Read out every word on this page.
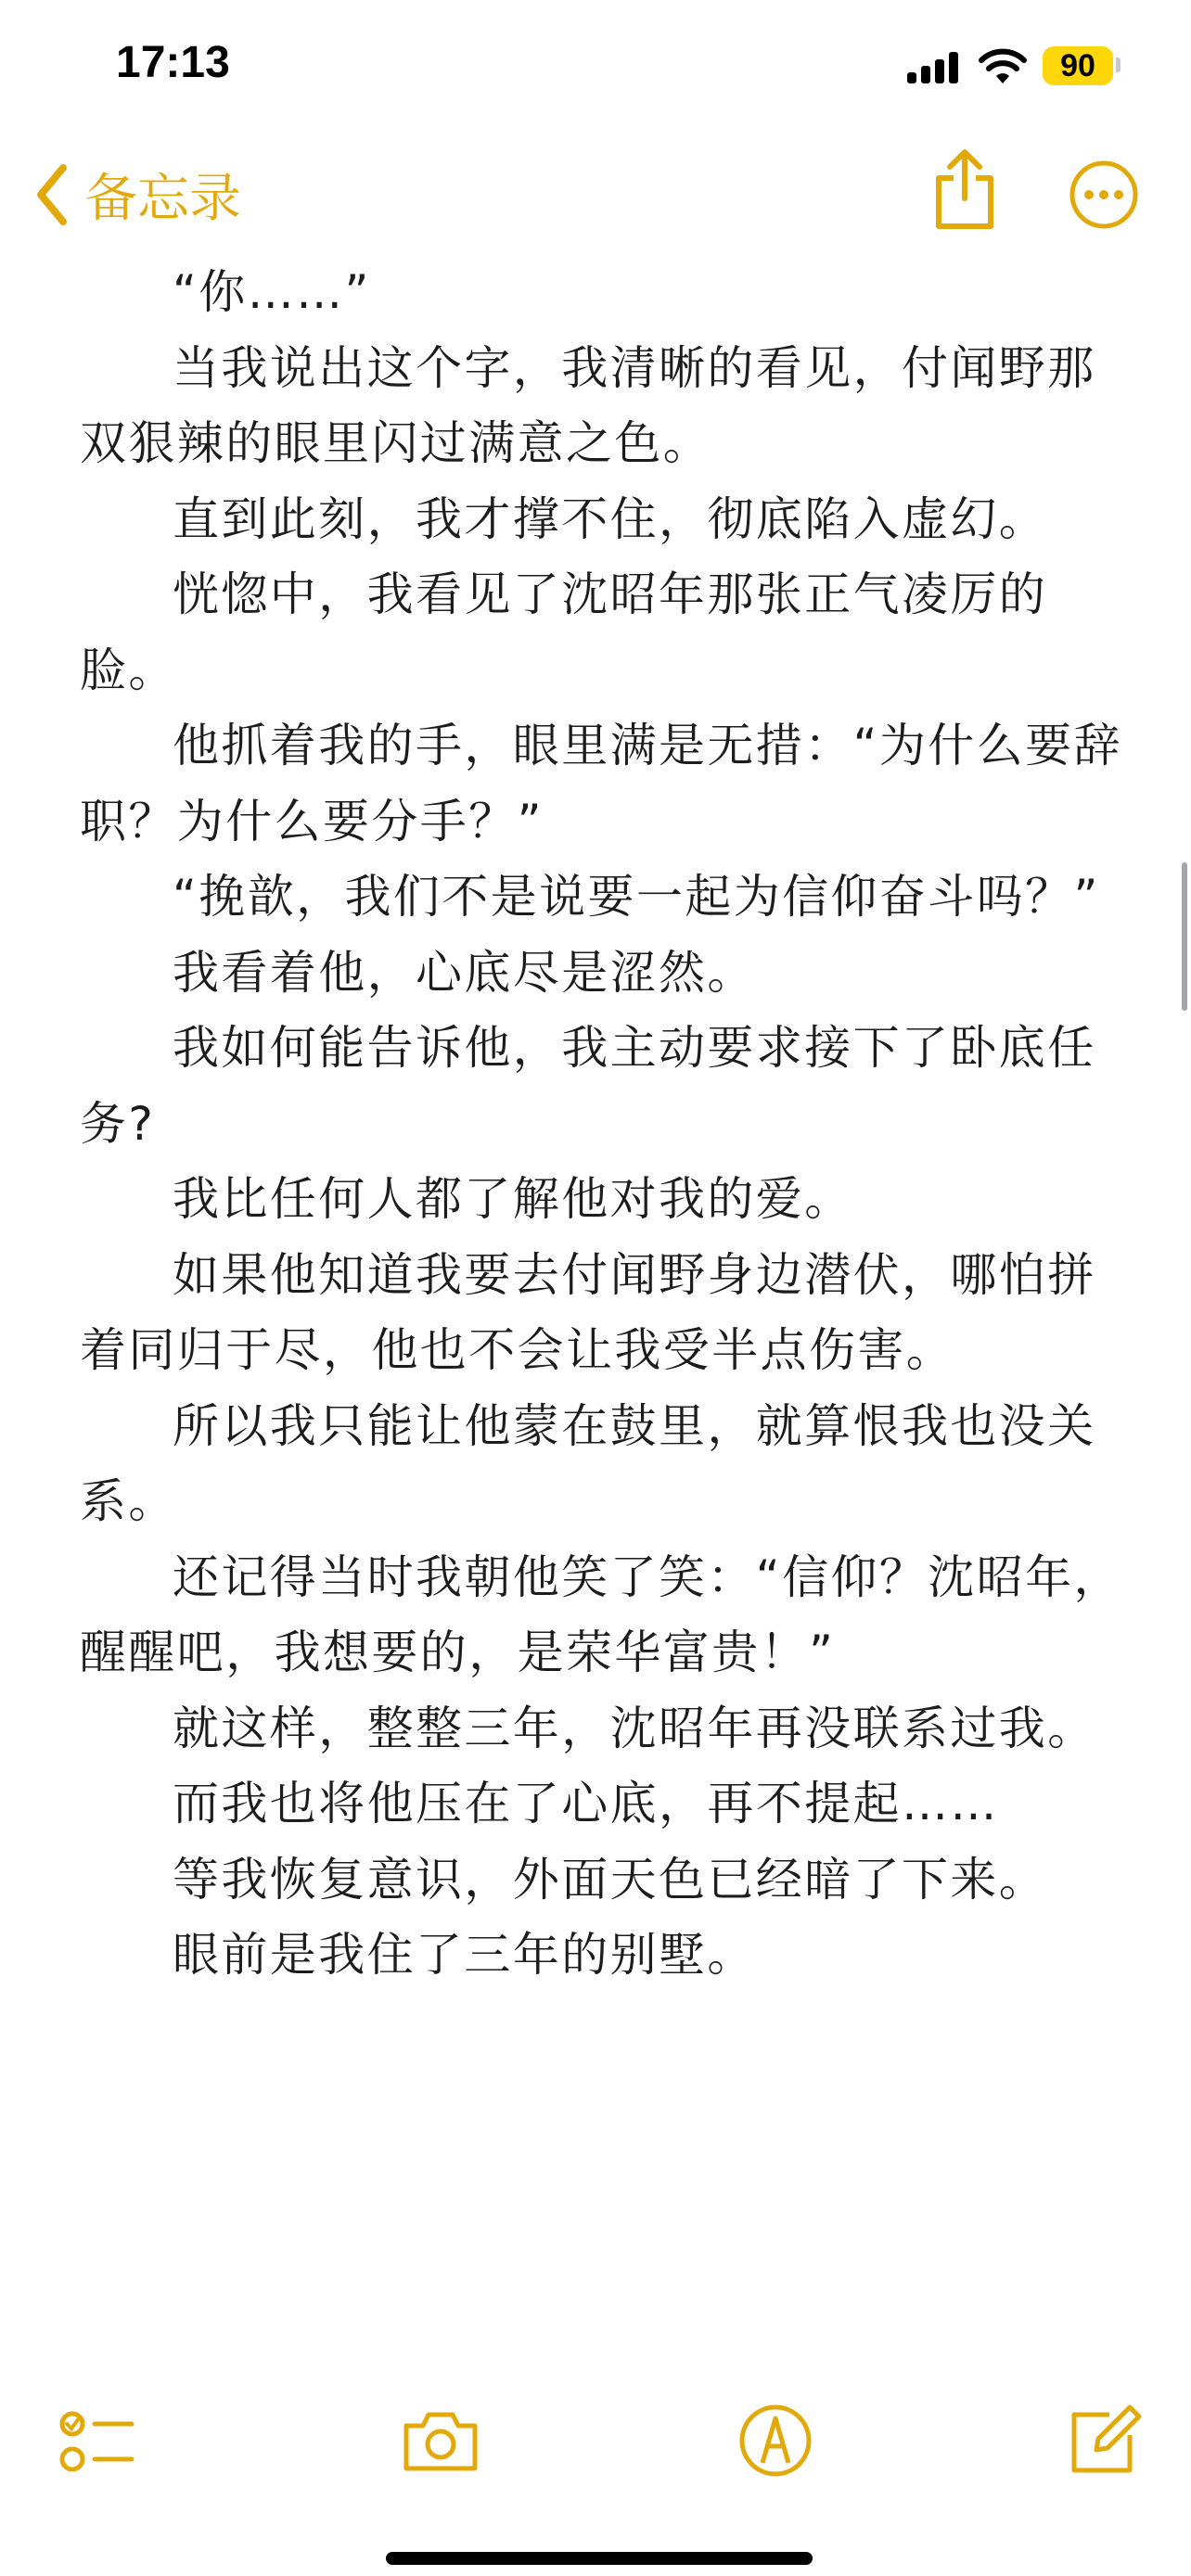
17:13	90
备忘录

“你……”

当我说出这个字，我清晰的看见，付闻野那双狠辣的眼里闪过满意之色。

直到此刻，我才撑不住，彻底陷入虚幻。

恍惚中，我看见了沈昭年那张正气凌厉的脸。

他抓着我的手，眼里满是无措：“为什么要辞职？为什么要分手？”

“挽歆，我们不是说要一起为信仰奋斗吗？”

我看着他，心底尽是涩然。

我如何能告诉他，我主动要求接下了卧底任务?

我比任何人都了解他对我的爱。

如果他知道我要去付闻野身边潜伏，哪怕拼着同归于尽，他也不会让我受半点伤害。

所以我只能让他蒙在鼓里，就算恨我也没关系。

还记得当时我朝他笑了笑：“信仰？沈昭年，醒醒吧，我想要的，是荣华富贵！”

就这样，整整三年，沈昭年再没联系过我。

而我也将他压在了心底，再不提起……

等我恢复意识，外面天色已经暗了下来。

眼前是我住了三年的别墅。
